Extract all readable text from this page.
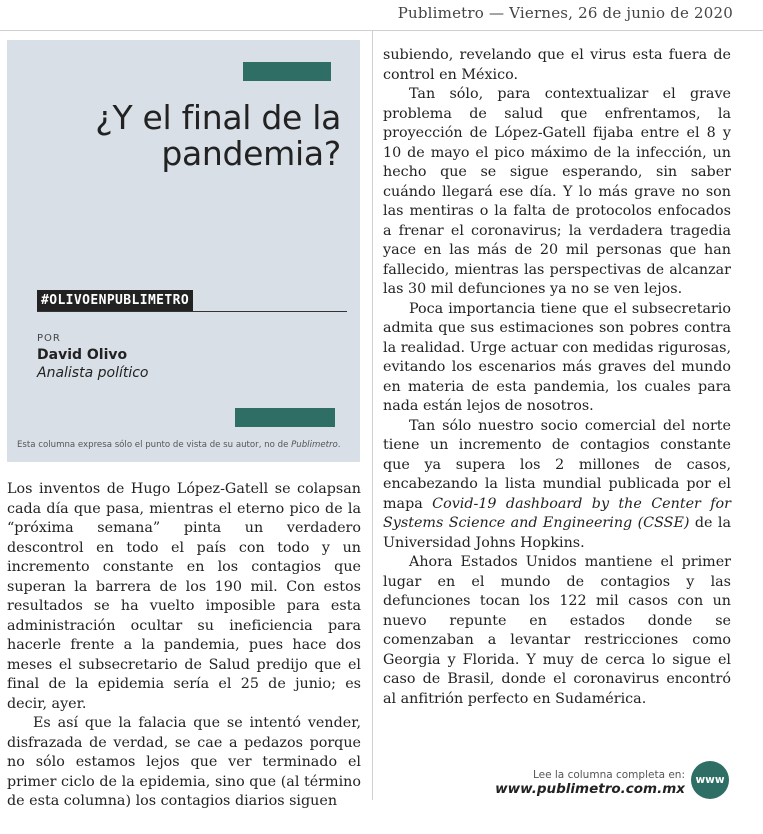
Publimetro — Viernes, 26 de junio de 2020
¿Y el final de la pandemia?
#OLIVOENPUBLIMETRO
POR
David Olivo
Analista político
Esta columna expresa sólo el punto de vista de su autor, no de Publimetro.

Los inventos de Hugo López-Gatell se colapsan cada día que pasa, mientras el eterno pico de la “próxima semana” pinta un verdadero descontrol en todo el país con todo y un incremento constante en los contagios que superan la barrera de los 190 mil. Con estos resultados se ha vuelto imposible para esta administración ocultar su ineficiencia para hacerle frente a la pandemia, pues hace dos meses el subsecretario de Salud predijo que el final de la epidemia sería el 25 de junio; es decir, ayer.

Es así que la falacia que se intentó vender, disfrazada de verdad, se cae a pedazos porque no sólo estamos lejos que ver terminado el primer ciclo de la epidemia, sino que (al término de esta columna) los contagios diarios siguen

subiendo, revelando que el virus esta fuera de control en México.

Tan sólo, para contextualizar el grave problema de salud que enfrentamos, la proyección de López-Gatell fijaba entre el 8 y 10 de mayo el pico máximo de la infección, un hecho que se sigue esperando, sin saber cuándo llegará ese día. Y lo más grave no son las mentiras o la falta de protocolos enfocados a frenar el coronavirus; la verdadera tragedia yace en las más de 20 mil personas que han fallecido, mientras las perspectivas de alcanzar las 30 mil defunciones ya no se ven lejos.

Poca importancia tiene que el subsecretario admita que sus estimaciones son pobres contra la realidad. Urge actuar con medidas rigurosas, evitando los escenarios más graves del mundo en materia de esta pandemia, los cuales para nada están lejos de nosotros.

Tan sólo nuestro socio comercial del norte tiene un incremento de contagios constante que ya supera los 2 millones de casos, encabezando la lista mundial publicada por el mapa Covid-19 dashboard by the Center for Systems Science and Engineering (CSSE) de la Universidad Johns Hopkins.

Ahora Estados Unidos mantiene el primer lugar en el mundo de contagios y las defunciones tocan los 122 mil casos con un nuevo repunte en estados donde se comenzaban a levantar restricciones como Georgia y Florida. Y muy de cerca lo sigue el caso de Brasil, donde el coronavirus encontró al anfitrión perfecto en Sudamérica.

Lee la columna completa en:
www.publimetro.com.mx
www
